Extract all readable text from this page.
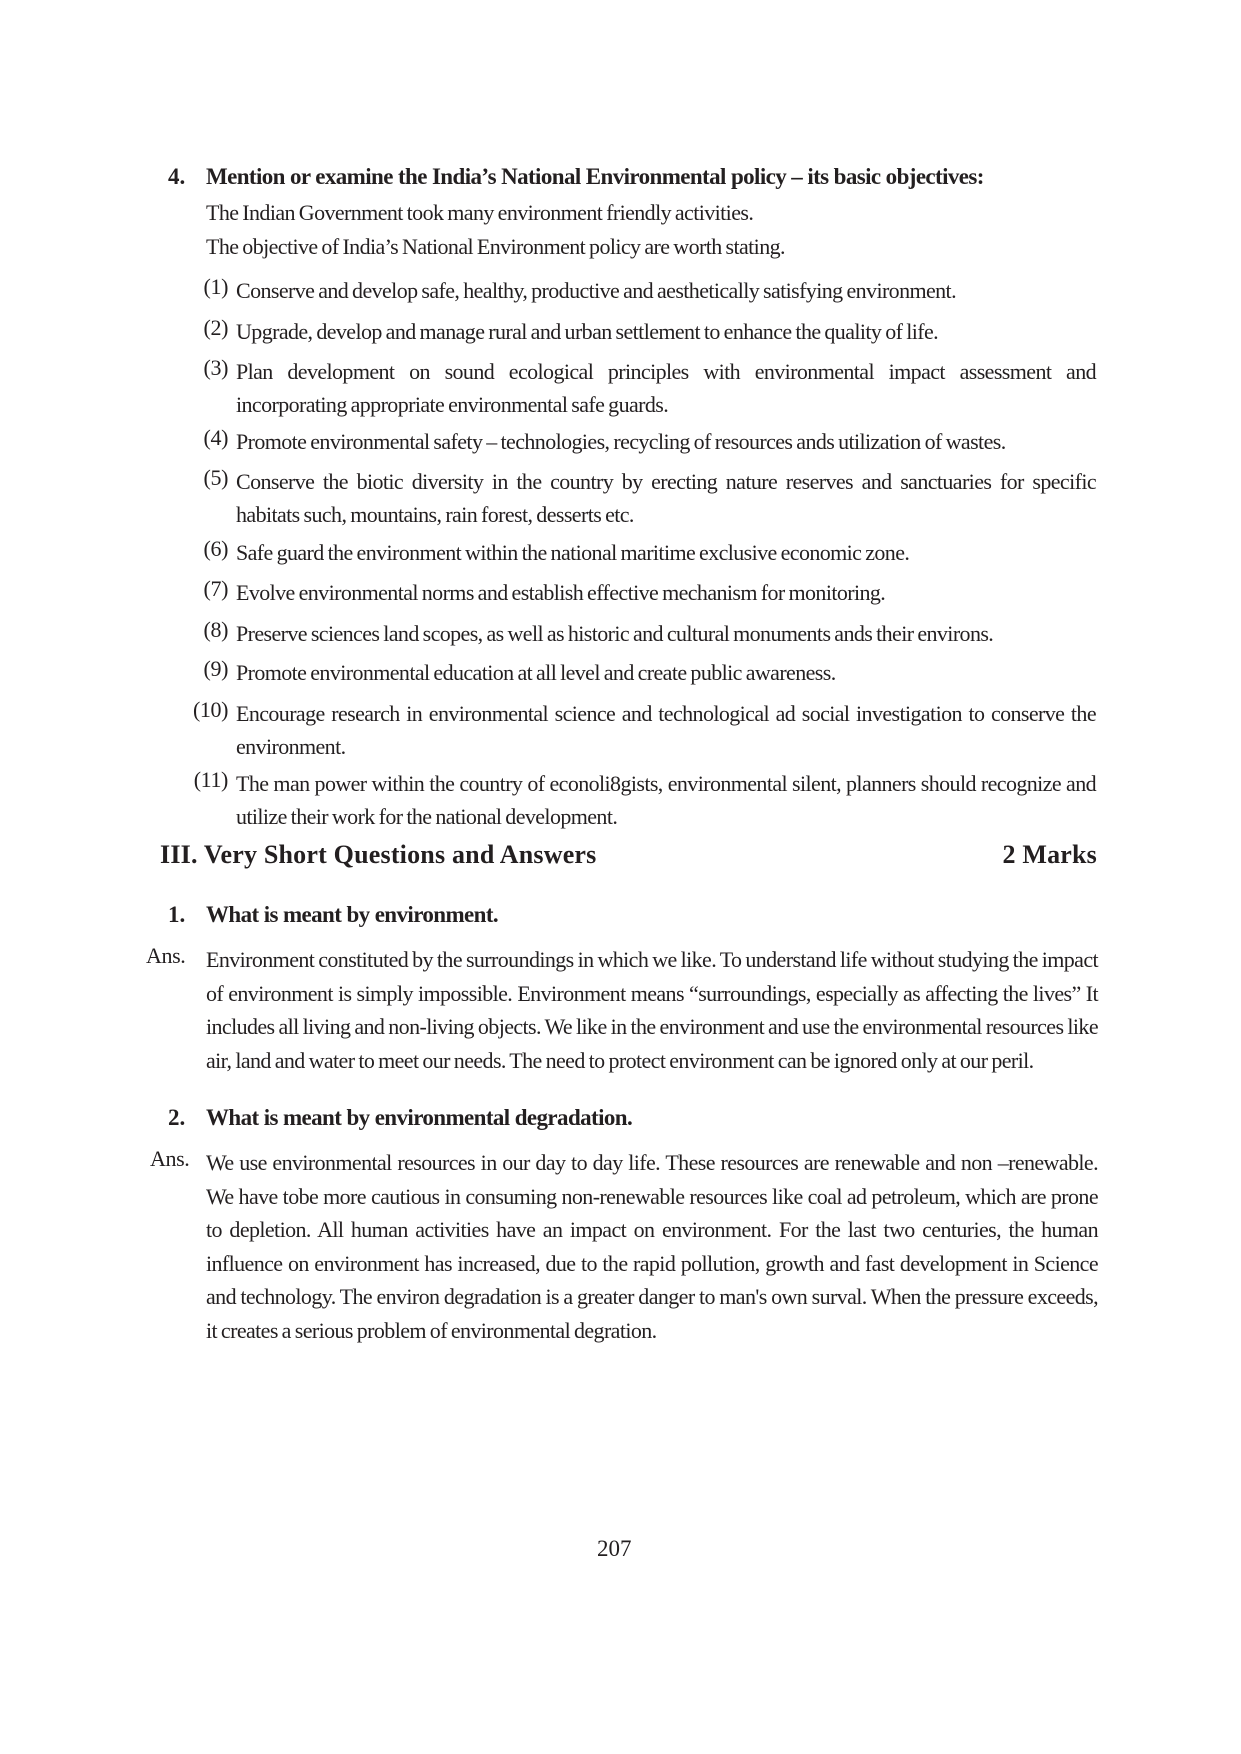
4. Mention or examine the India’s National Environmental policy – its basic objectives:
The Indian Government took many environment friendly activities.
The objective of India’s National Environment policy are worth stating.
(1) Conserve and develop safe, healthy, productive and aesthetically satisfying environment.
(2) Upgrade, develop and manage rural and urban settlement to enhance the quality of life.
(3) Plan development on sound ecological principles with environmental impact assessment and incorporating appropriate environmental safe guards.
(4) Promote environmental safety – technologies, recycling of resources ands utilization of wastes.
(5) Conserve the biotic diversity in the country by erecting nature reserves and sanctuaries for specific habitats such, mountains, rain forest, desserts etc.
(6) Safe guard the environment within the national maritime exclusive economic zone.
(7) Evolve environmental norms and establish effective mechanism for monitoring.
(8) Preserve sciences land scopes, as well as historic and cultural monuments ands their environs.
(9) Promote environmental education at all level and create public awareness.
(10) Encourage research in environmental science and technological ad social investigation to conserve the environment.
(11) The man power within the country of econoli8gists, environmental silent, planners should recognize and utilize their work for the national development.
III. Very Short Questions and Answers	2 Marks
1. What is meant by environment.
Ans. Environment constituted by the surroundings in which we like. To understand life without studying the impact of environment is simply impossible. Environment means “surroundings, especially as affecting the lives” It includes all living and non-living objects. We like in the environment and use the environmental resources like air, land and water to meet our needs. The need to protect environment can be ignored only at our peril.
2. What is meant by environmental degradation.
Ans. We use environmental resources in our day to day life. These resources are renewable and non –renewable. We have tobe more cautious in consuming non-renewable resources like coal ad petroleum, which are prone to depletion. All human activities have an impact on environment. For the last two centuries, the human influence on environment has increased, due to the rapid pollution, growth and fast development in Science and technology. The environ degradation is a greater danger to man's own surval. When the pressure exceeds, it creates a serious problem of environmental degration.
207
